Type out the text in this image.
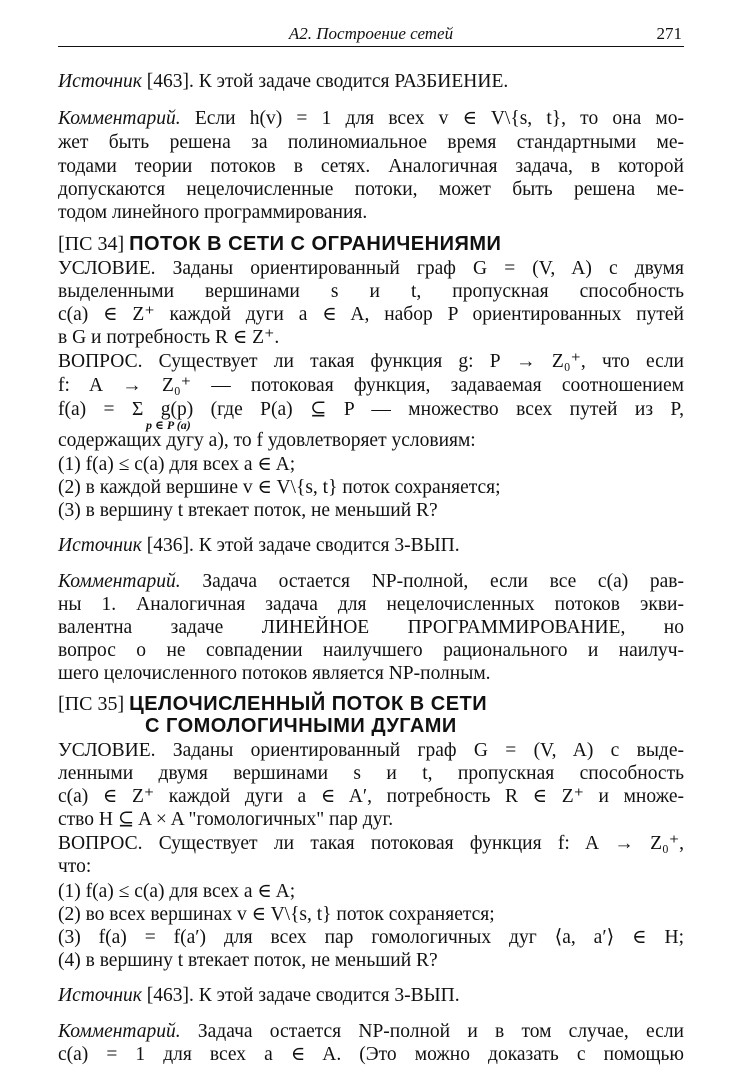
А2. Построение сетей	271

Источник [463]. К этой задаче сводится РАЗБИЕНИЕ.

Комментарий. Если h(v) = 1 для всех v ∈ V\{s, t}, то она мо-

жет быть решена за полиномиальное время стандартными ме-

тодами теории потоков в сетях. Аналогичная задача, в которой

допускаются нецелочисленные потоки, может быть решена ме-

тодом линейного программирования.

[ПС 34] ПОТОК В СЕТИ С ОГРАНИЧЕНИЯМИ

УСЛОВИЕ. Заданы ориентированный граф G = (V, A) с двумя

выделенными вершинами s и t, пропускная способность

c(a) ∈ Z⁺ каждой дуги a ∈ A, набор P ориентированных путей

в G и потребность R ∈ Z⁺.

ВОПРОС. Существует ли такая функция g: P → Z₀⁺, что если

f: A → Z₀⁺ — потоковая функция, задаваемая соотношением

f(a) = Σ g(p) (где P(a) ⊆ P — множество всех путей из P,

p ∈ P (a)

содержащих дугу a), то f удовлетворяет условиям:

(1) f(a) ≤ c(a) для всех a ∈ A;

(2) в каждой вершине v ∈ V\{s, t} поток сохраняется;

(3) в вершину t втекает поток, не меньший R?

Источник [436]. К этой задаче сводится 3-ВЫП.

Комментарий. Задача остается NP-полной, если все c(a) рав-

ны 1. Аналогичная задача для нецелочисленных потоков экви-

валентна задаче ЛИНЕЙНОЕ ПРОГРАММИРОВАНИЕ, но

вопрос о не совпадении наилучшего рационального и наилуч-

шего целочисленного потоков является NP-полным.

[ПС 35] ЦЕЛОЧИСЛЕННЫЙ ПОТОК В СЕТИ

С ГОМОЛОГИЧНЫМИ ДУГАМИ

УСЛОВИЕ. Заданы ориентированный граф G = (V, A) с выде-

ленными двумя вершинами s и t, пропускная способность

c(a) ∈ Z⁺ каждой дуги a ∈ A′, потребность R ∈ Z⁺ и множе-

ство H ⊆ A × A "гомологичных" пар дуг.

ВОПРОС. Существует ли такая потоковая функция f: A → Z₀⁺,

что:

(1) f(a) ≤ c(a) для всех a ∈ A;

(2) во всех вершинах v ∈ V\{s, t} поток сохраняется;

(3) f(a) = f(a′) для всех пар гомологичных дуг ⟨a, a′⟩ ∈ H;

(4) в вершину t втекает поток, не меньший R?

Источник [463]. К этой задаче сводится 3-ВЫП.

Комментарий. Задача остается NP-полной и в том случае, если

c(a) = 1 для всех a ∈ A. (Это можно доказать с помощью
